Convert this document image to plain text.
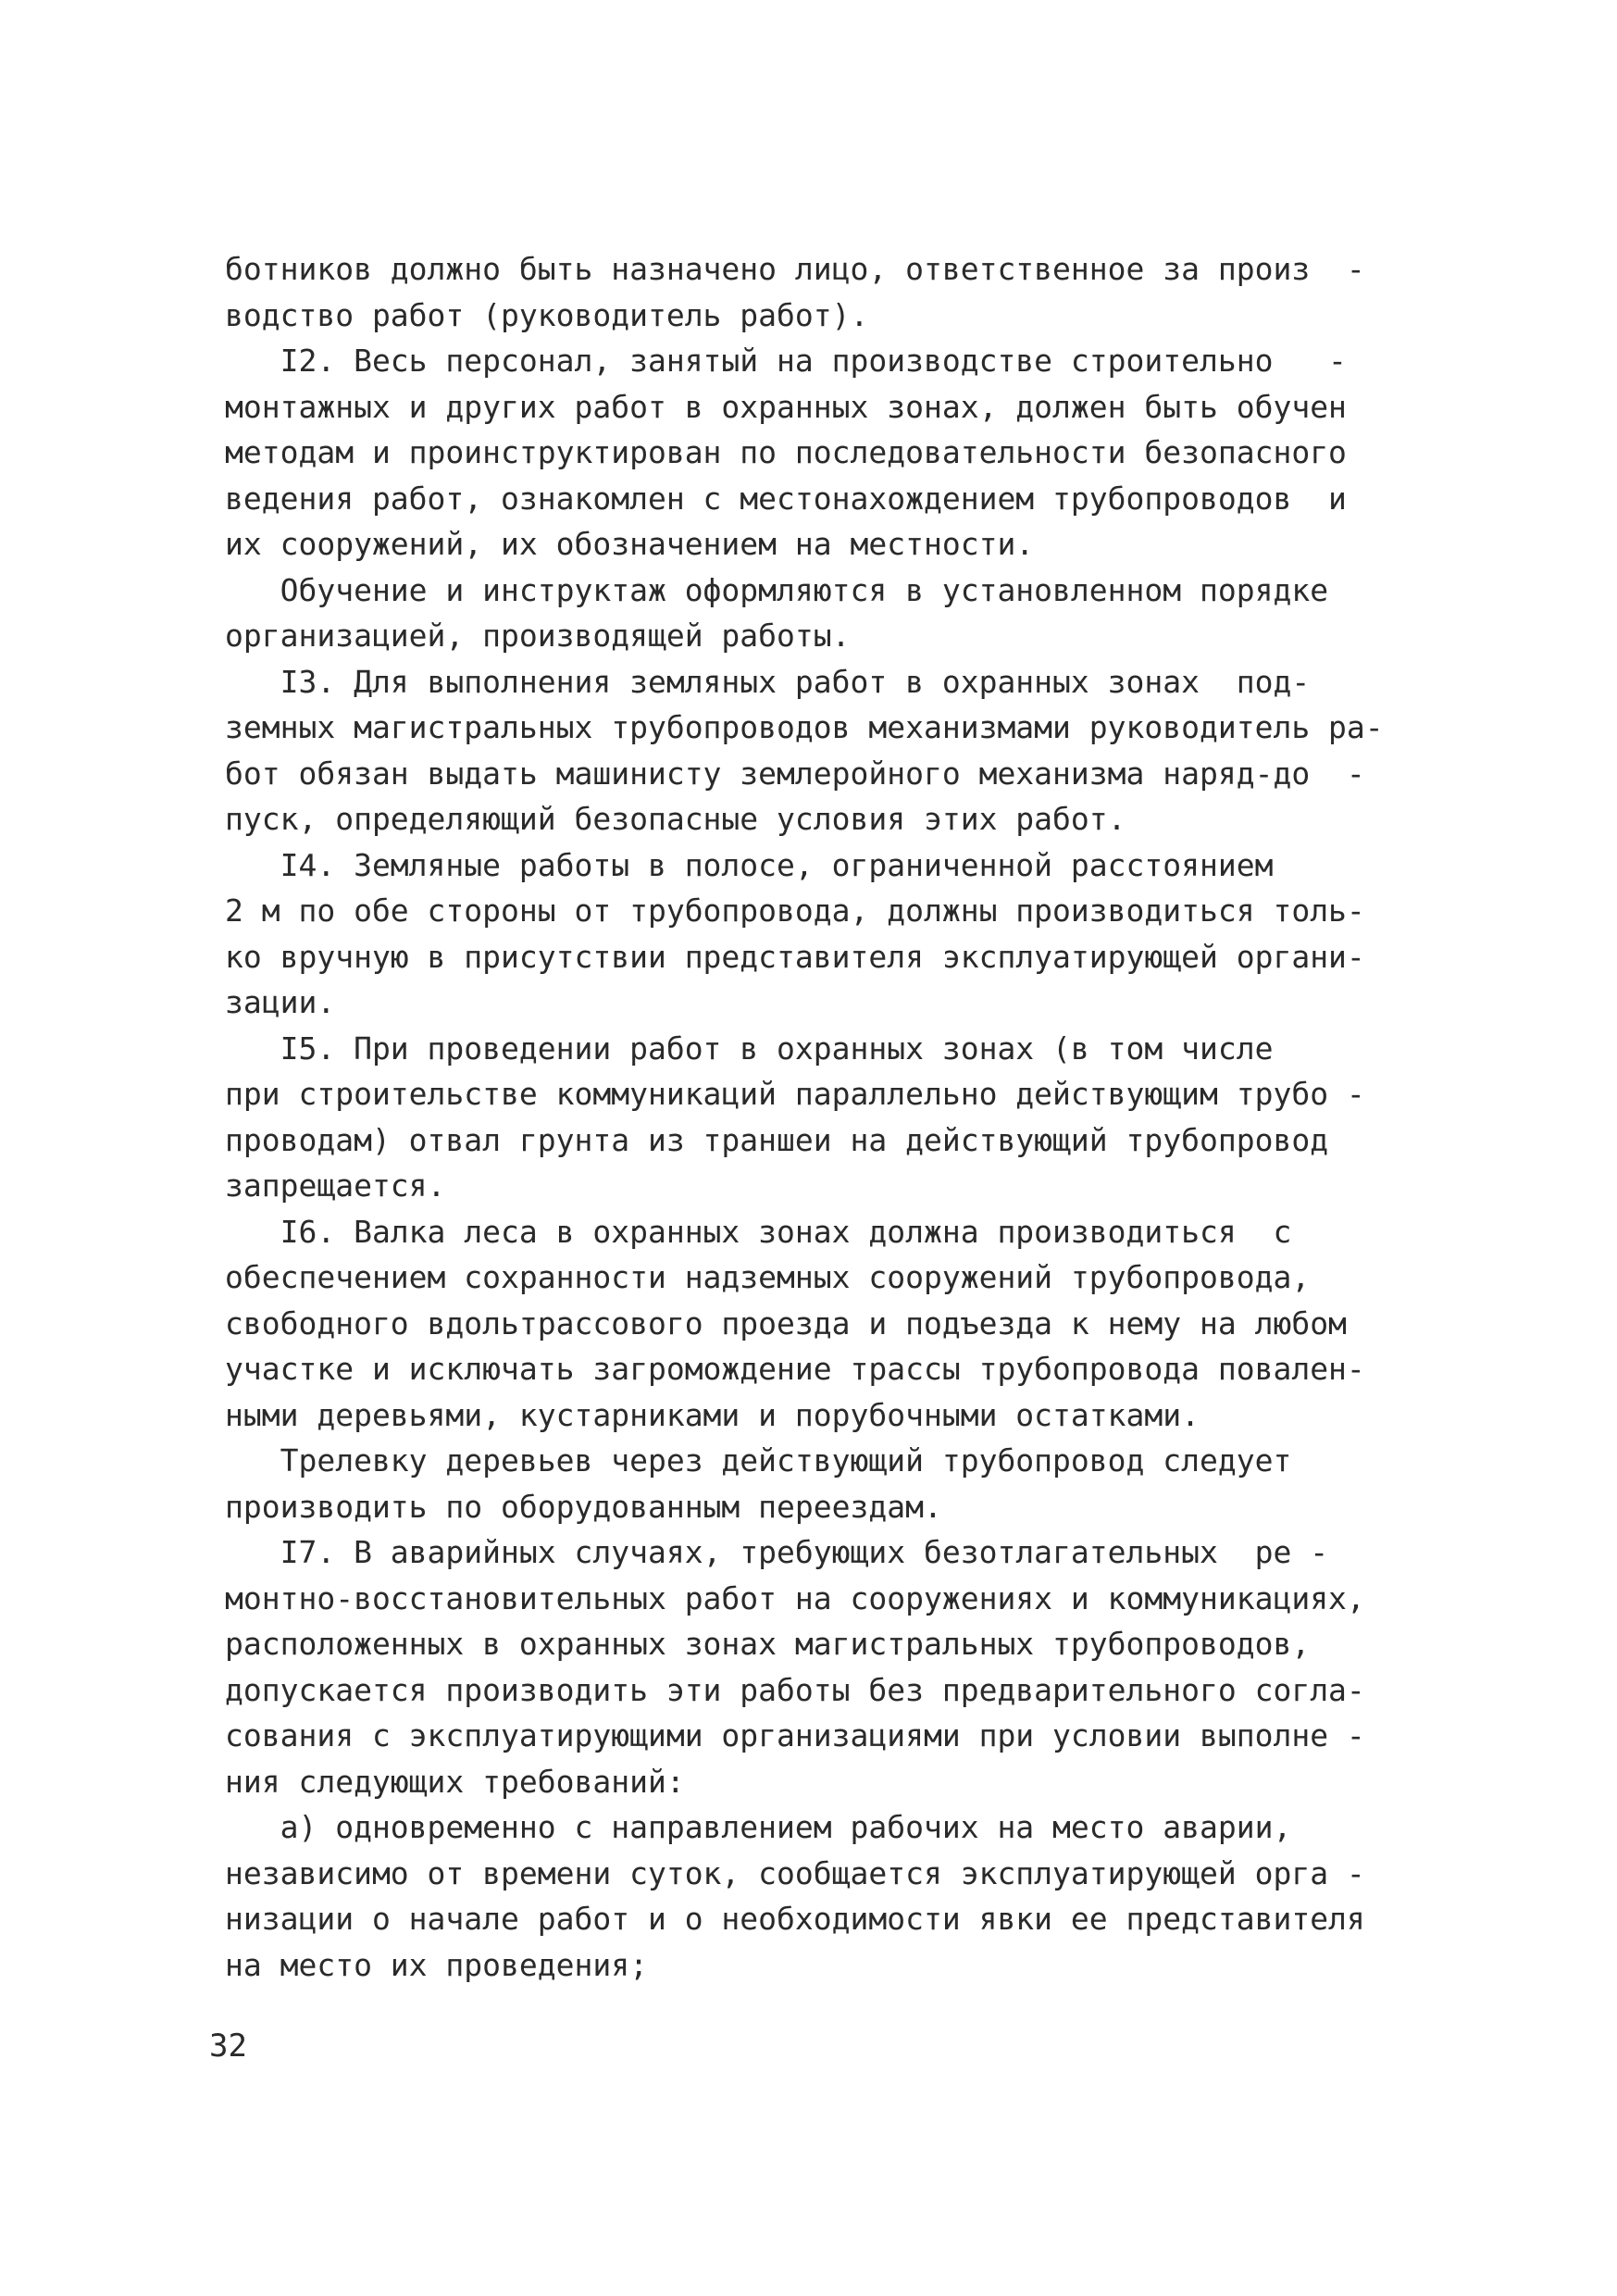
ботников должно быть назначено лицо, ответственное за произ  -
водство работ (руководитель работ).
I2. Весь персонал, занятый на производстве строительно   -
монтажных и других работ в охранных зонах, должен быть обучен
методам и проинструктирован по последовательности безопасного
ведения работ, ознакомлен с местонахождением трубопроводов  и
их сооружений, их обозначением на местности.
Обучение и инструктаж оформляются в установленном порядке
организацией, производящей работы.
I3. Для выполнения земляных работ в охранных зонах  под-
земных магистральных трубопроводов механизмами руководитель ра-
бот обязан выдать машинисту землеройного механизма наряд-до  -
пуск, определяющий безопасные условия этих работ.
I4. Земляные работы в полосе, ограниченной расстоянием
2 м по обе стороны от трубопровода, должны производиться толь-
ко вручную в присутствии представителя эксплуатирующей органи-
зации.
I5. При проведении работ в охранных зонах (в том числе
при строительстве коммуникаций параллельно действующим трубо -
проводам) отвал грунта из траншеи на действующий трубопровод
запрещается.
I6. Валка леса в охранных зонах должна производиться  с
обеспечением сохранности надземных сооружений трубопровода,
свободного вдольтрассового проезда и подъезда к нему на любом
участке и исключать загромождение трассы трубопровода повален-
ными деревьями, кустарниками и порубочными остатками.
Трелевку деревьев через действующий трубопровод следует
производить по оборудованным переездам.
I7. В аварийных случаях, требующих безотлагательных  ре -
монтно-восстановительных работ на сооружениях и коммуникациях,
расположенных в охранных зонах магистральных трубопроводов,
допускается производить эти работы без предварительного согла-
сования с эксплуатирующими организациями при условии выполне -
ния следующих требований:
а) одновременно с направлением рабочих на место аварии,
независимо от времени суток, сообщается эксплуатирующей орга -
низации о начале работ и о необходимости явки ее представителя
на место их проведения;
32
